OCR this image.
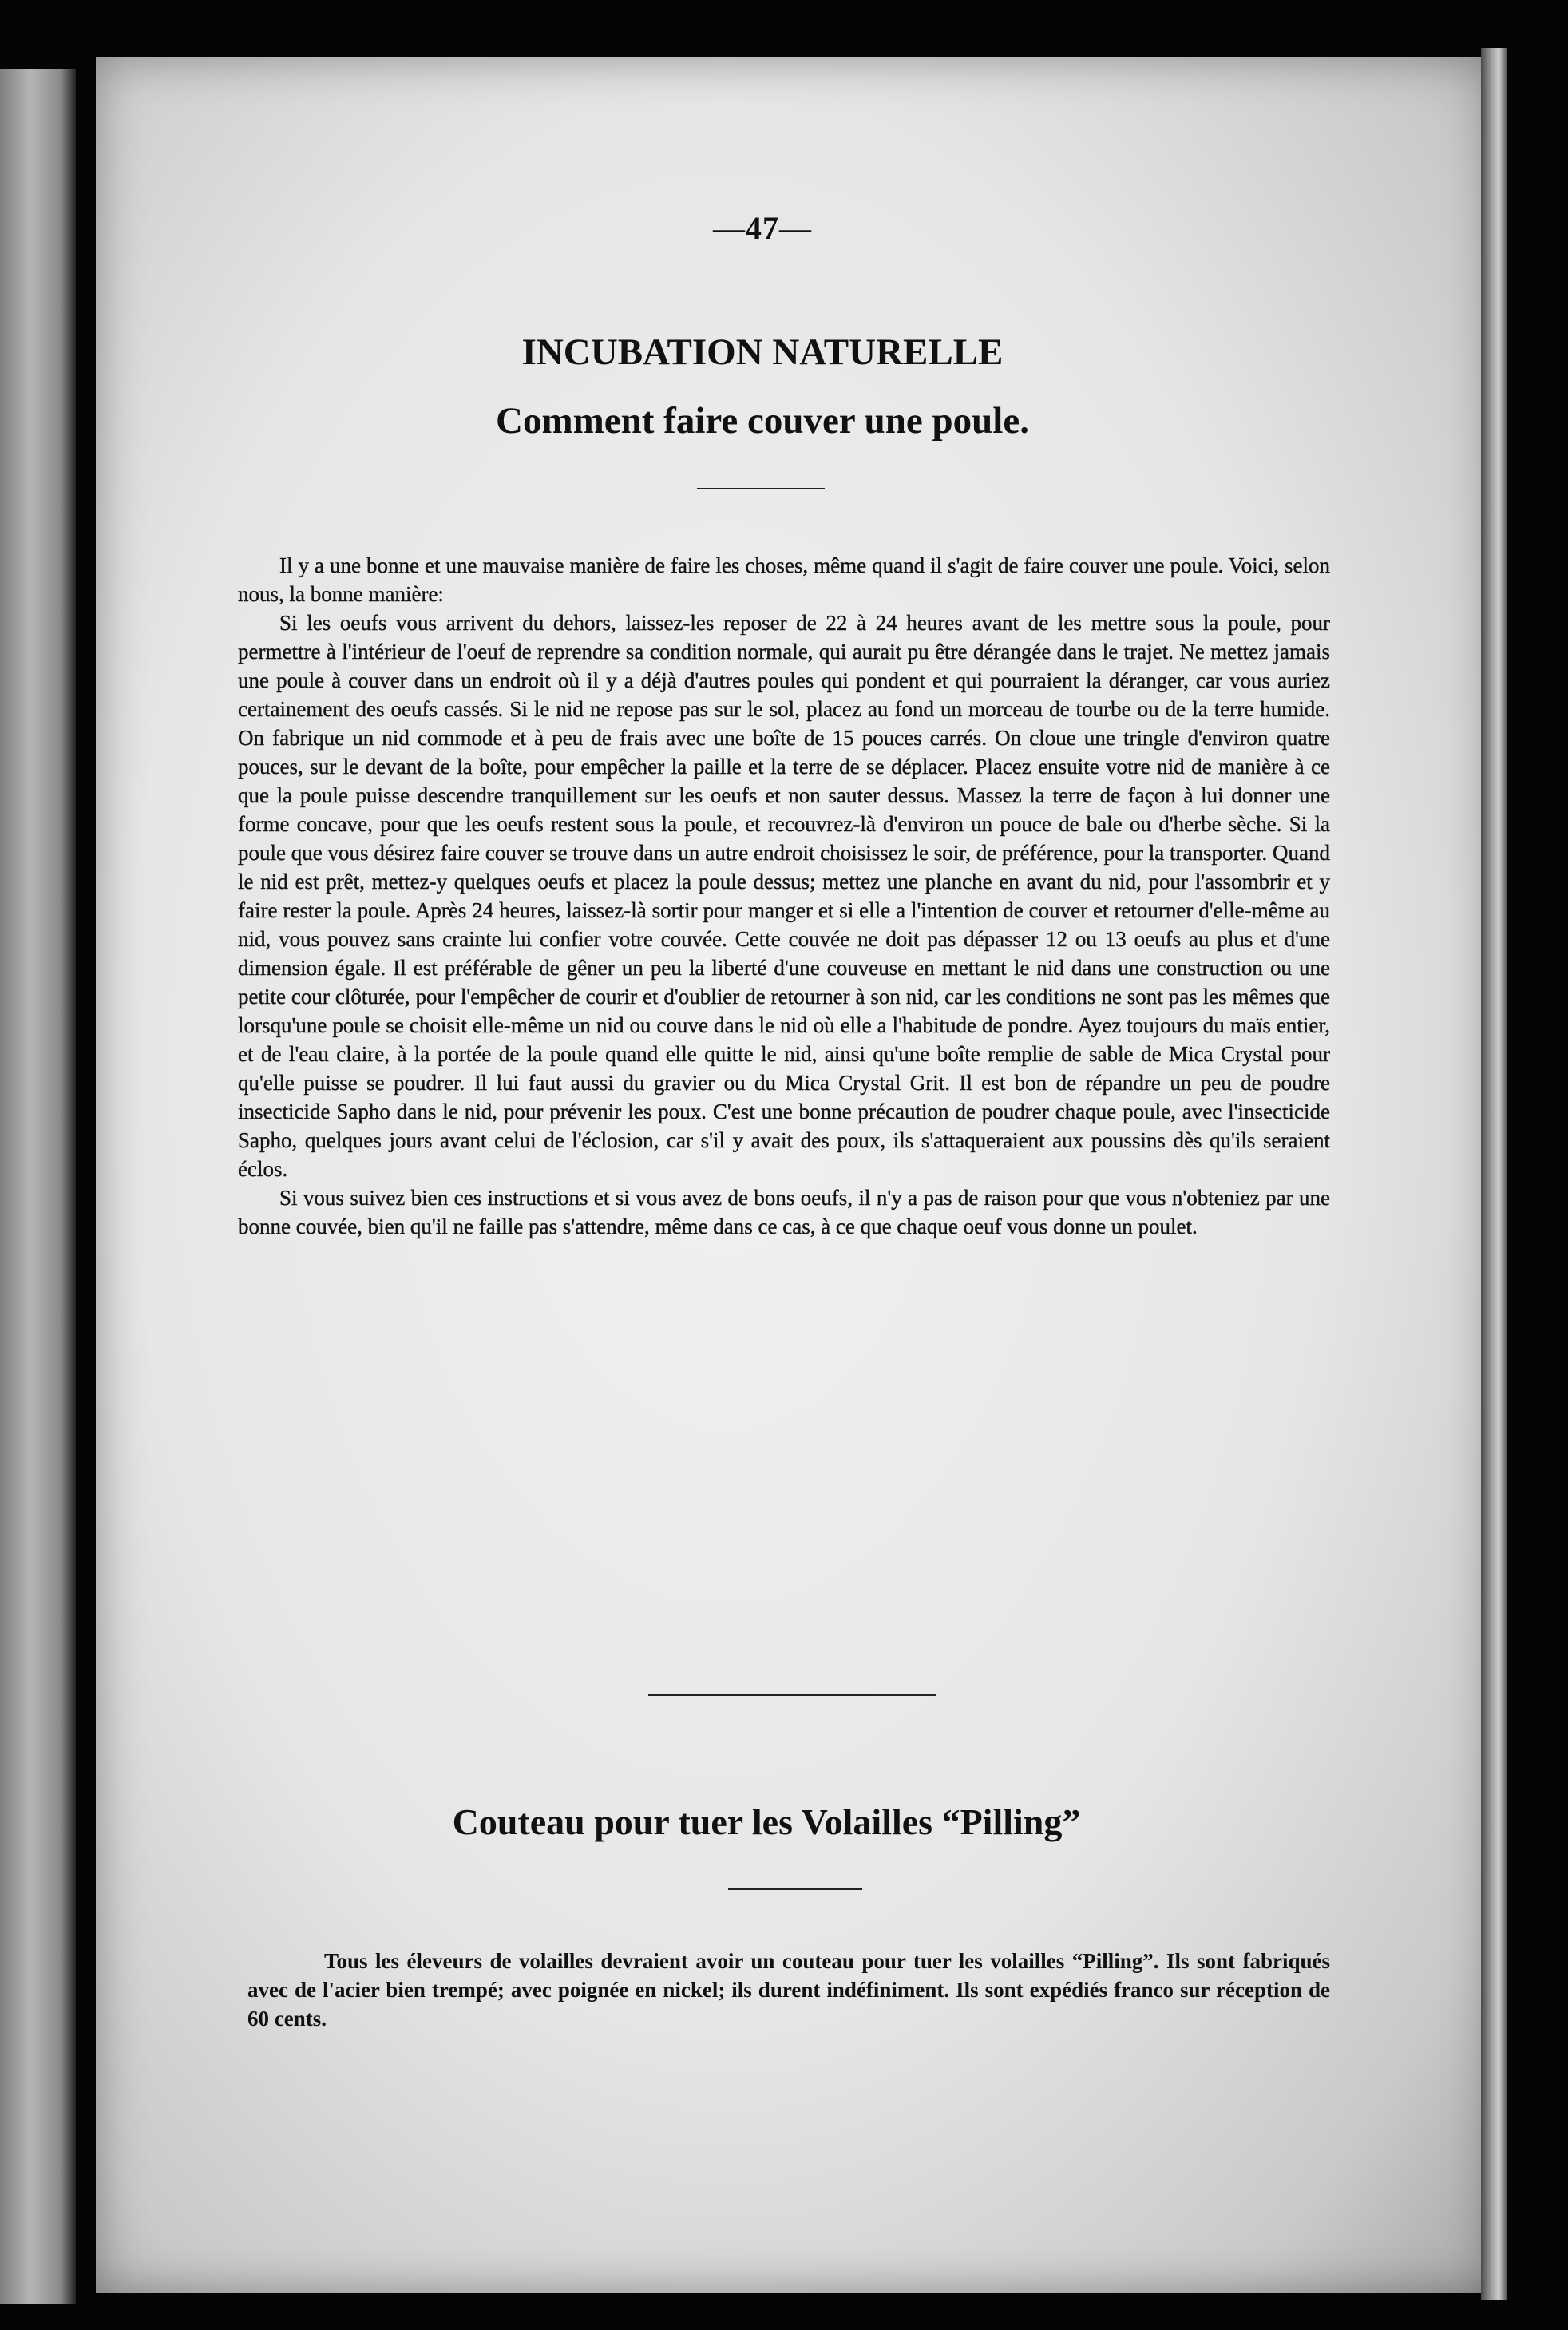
—47—
INCUBATION NATURELLE
Comment faire couver une poule.

Il y a une bonne et une mauvaise manière de faire les choses, même quand il s'agit de faire couver une poule. Voici, selon nous, la bonne manière:

Si les oeufs vous arrivent du dehors, laissez-les reposer de 22 à 24 heures avant de les mettre sous la poule, pour permettre à l'intérieur de l'oeuf de reprendre sa condition normale, qui aurait pu être dérangée dans le trajet. Ne mettez jamais une poule à couver dans un endroit où il y a déjà d'autres poules qui pondent et qui pourraient la déranger, car vous auriez certainement des oeufs cassés. Si le nid ne repose pas sur le sol, placez au fond un morceau de tourbe ou de la terre humide. On fabrique un nid commode et à peu de frais avec une boîte de 15 pouces carrés. On cloue une tringle d'environ quatre pouces, sur le devant de la boîte, pour empêcher la paille et la terre de se déplacer. Placez ensuite votre nid de manière à ce que la poule puisse descendre tranquillement sur les oeufs et non sauter dessus. Massez la terre de façon à lui donner une forme concave, pour que les oeufs restent sous la poule, et recouvrez-là d'environ un pouce de bale ou d'herbe sèche. Si la poule que vous désirez faire couver se trouve dans un autre endroit choisissez le soir, de préférence, pour la transporter. Quand le nid est prêt, mettez-y quelques oeufs et placez la poule dessus; mettez une planche en avant du nid, pour l'assombrir et y faire rester la poule. Après 24 heures, laissez-là sortir pour manger et si elle a l'intention de couver et retourner d'elle-même au nid, vous pouvez sans crainte lui confier votre couvée. Cette couvée ne doit pas dépasser 12 ou 13 oeufs au plus et d'une dimension égale. Il est préférable de gêner un peu la liberté d'une couveuse en mettant le nid dans une construction ou une petite cour clôturée, pour l'empêcher de courir et d'oublier de retourner à son nid, car les conditions ne sont pas les mêmes que lorsqu'une poule se choisit elle-même un nid ou couve dans le nid où elle a l'habitude de pondre. Ayez toujours du maïs entier, et de l'eau claire, à la portée de la poule quand elle quitte le nid, ainsi qu'une boîte remplie de sable de Mica Crystal pour qu'elle puisse se poudrer. Il lui faut aussi du gravier ou du Mica Crystal Grit. Il est bon de répandre un peu de poudre insecticide Sapho dans le nid, pour prévenir les poux. C'est une bonne précaution de poudrer chaque poule, avec l'insecticide Sapho, quelques jours avant celui de l'éclosion, car s'il y avait des poux, ils s'attaqueraient aux poussins dès qu'ils seraient éclos.

Si vous suivez bien ces instructions et si vous avez de bons oeufs, il n'y a pas de raison pour que vous n'obteniez par une bonne couvée, bien qu'il ne faille pas s'attendre, même dans ce cas, à ce que chaque oeuf vous donne un poulet.

Couteau pour tuer les Volailles “Pilling”

Tous les éleveurs de volailles devraient avoir un couteau pour tuer les volailles “Pilling”. Ils sont fabriqués avec de l'acier bien trempé; avec poignée en nickel; ils durent indéfiniment. Ils sont expédiés franco sur réception de 60 cents.
